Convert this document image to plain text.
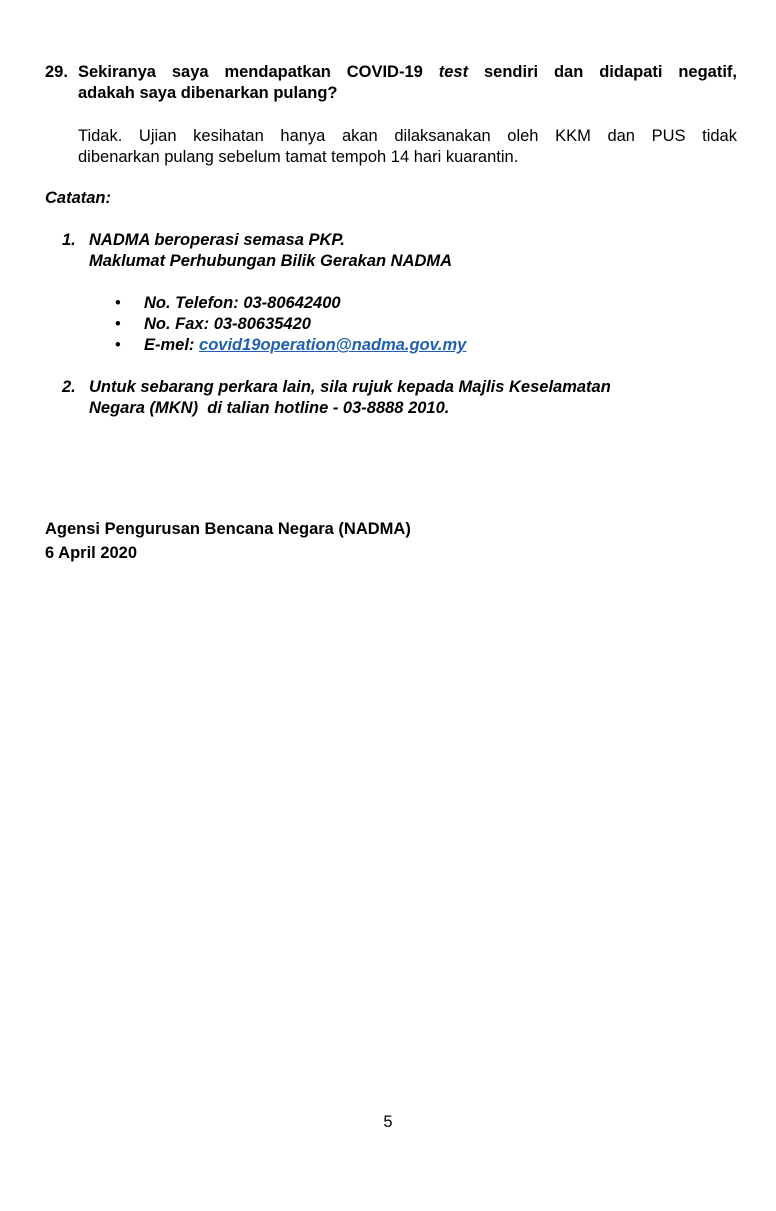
29. Sekiranya saya mendapatkan COVID-19 test sendiri dan didapati negatif,
adakah saya dibenarkan pulang?
Tidak. Ujian kesihatan hanya akan dilaksanakan oleh KKM dan PUS tidak
dibenarkan pulang sebelum tamat tempoh 14 hari kuarantin.
Catatan:
1. NADMA beroperasi semasa PKP.
Maklumat Perhubungan Bilik Gerakan NADMA
• No. Telefon: 03-80642400
• No. Fax: 03-80635420
• E-mel: covid19operation@nadma.gov.my
2. Untuk sebarang perkara lain, sila rujuk kepada Majlis Keselamatan
Negara (MKN)  di talian hotline - 03-8888 2010.
Agensi Pengurusan Bencana Negara (NADMA)
6 April 2020
5
